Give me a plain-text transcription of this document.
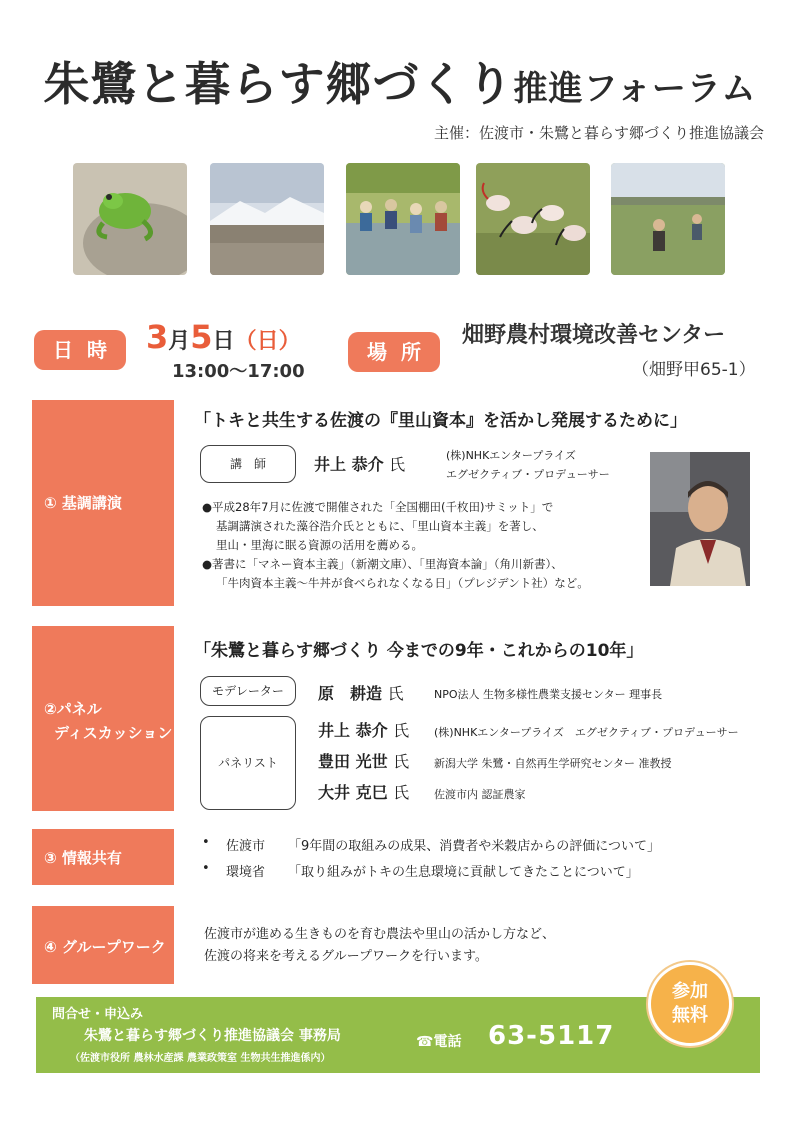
朱鷺と暮らす郷づくり推進フォーラム
主催：佐渡市・朱鷺と暮らす郷づくり推進協議会
日時 3月5日（日）
13:00〜17:00
場所
畑野農村環境改善センター
（畑野甲65-1）
① 基調講演
「トキと共生する佐渡の『里山資本』を活かし発展するために」
講　師	井上 恭介 氏	(株)NHKエンタープライズ
エグゼクティブ・プロデューサー
●平成28年7月に佐渡で開催された「全国棚田(千枚田)サミット」で
基調講演された藻谷浩介氏とともに、「里山資本主義」を著し、
里山・里海に眠る資源の活用を薦める。
●著書に「マネー資本主義」（新潮文庫）、「里海資本論」（角川新書）、
「牛肉資本主義〜牛丼が食べられなくなる日」（プレジデント社）など。
②パネル
ディスカッション
「朱鷺と暮らす郷づくり 今までの9年・これからの10年」
モデレーター	原　耕造 氏	NPO法人 生物多様性農業支援センター 理事長
パネリスト
井上 恭介 氏 (株)NHKエンタープライズ　エグゼクティブ・プロデューサー
豊田 光世 氏 新潟大学 朱鷺・自然再生学研究センター 准教授
大井 克巳 氏 佐渡市内 認証農家
③ 情報共有
• 佐渡市 「9年間の取組みの成果、消費者や米穀店からの評価について」
• 環境省 「取り組みがトキの生息環境に貢献してきたことについて」
④ グループワーク
佐渡市が進める生きものを育む農法や里山の活かし方など、
佐渡の将来を考えるグループワークを行います。
問合せ・申込み
朱鷺と暮らす郷づくり推進協議会 事務局
（佐渡市役所 農林水産課 農業政策室 生物共生推進係内）
☎電話 63-5117
参加
無料
